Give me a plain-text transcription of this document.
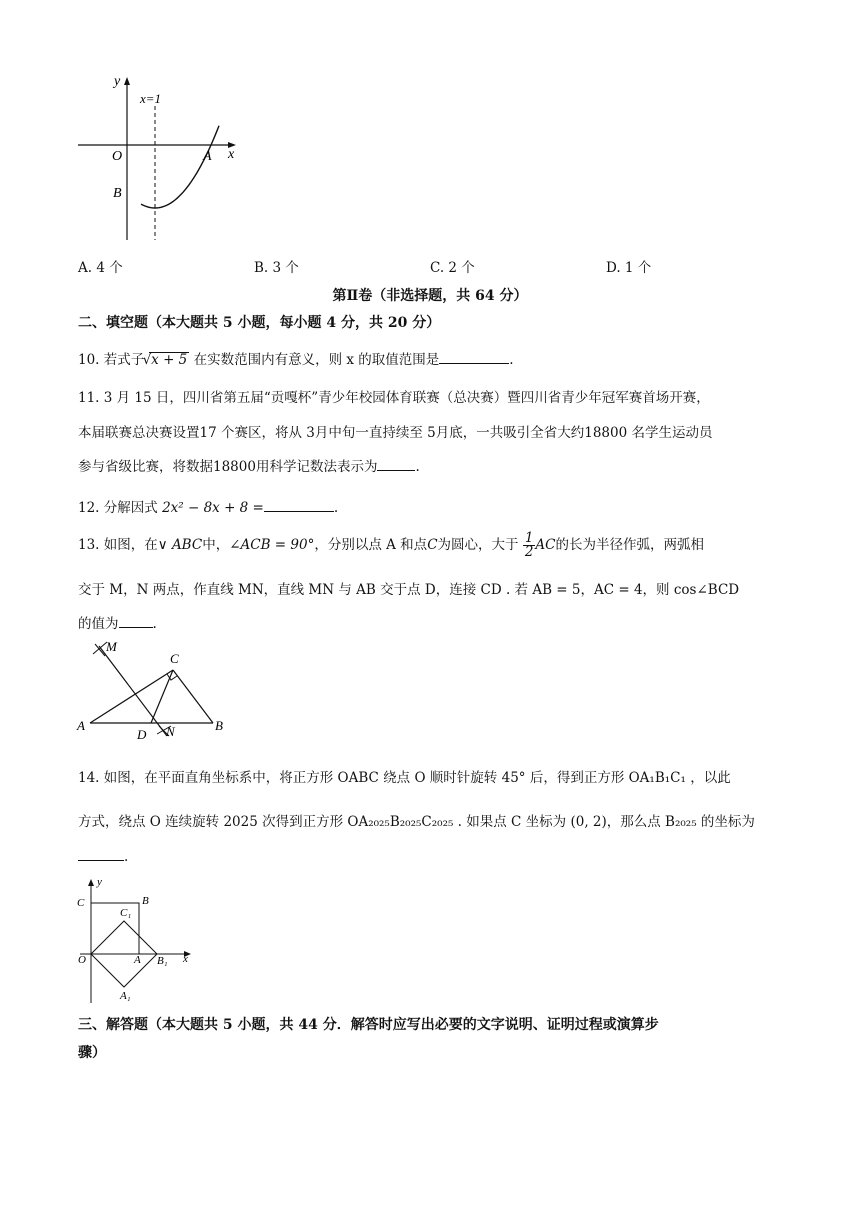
y
x=1
O	A x
B
A. 4 个	B. 3 个	C. 2 个	D. 1 个
第Ⅱ卷（非选择题，共 64 分）
二、填空题（本大题共 5 小题，每小题 4 分，共 20 分）
10. 若式子 √x + 5 在实数范围内有意义，则 x 的取值范围是	.
11. 3 月 15 日，四川省第五届“贡嘎杯”青少年校园体育联赛（总决赛）暨四川省青少年冠军赛首场开赛，
本届联赛总决赛设置17 个赛区，将从 3月中旬一直持续至 5月底，一共吸引全省大约18800 名学生运动员
参与省级比赛，将数据18800用科学记数法表示为	.
12. 分解因式 2x² − 8x + 8 =	.
13. 如图，在∨ ABC中，∠ACB = 90°，分别以点 A 和点C为圆心，大于 $\frac{1}{2}$ AC的长为半径作弧，两弧相
交于 M，N 两点，作直线 MN，直线 MN 与 AB 交于点 D，连接 CD . 若 AB = 5，AC = 4，则 cos∠BCD
的值为	.
M
C
A	B
D N
14. 如图，在平面直角坐标系中，将正方形 OABC 绕点 O 顺时针旋转 45° 后，得到正方形 OA₁B₁C₁ ，以此
方式，绕点 O 连续旋转 2025 次得到正方形 OA₂₀₂₅B₂₀₂₅C₂₀₂₅ . 如果点 C 坐标为 (0, 2)，那么点 B₂₀₂₅ 的坐标为
.
y
C	B
C₁
O	A B₁ x
A₁
三、解答题（本大题共 5 小题，共 44 分．解答时应写出必要的文字说明、证明过程或演算步
骤）
